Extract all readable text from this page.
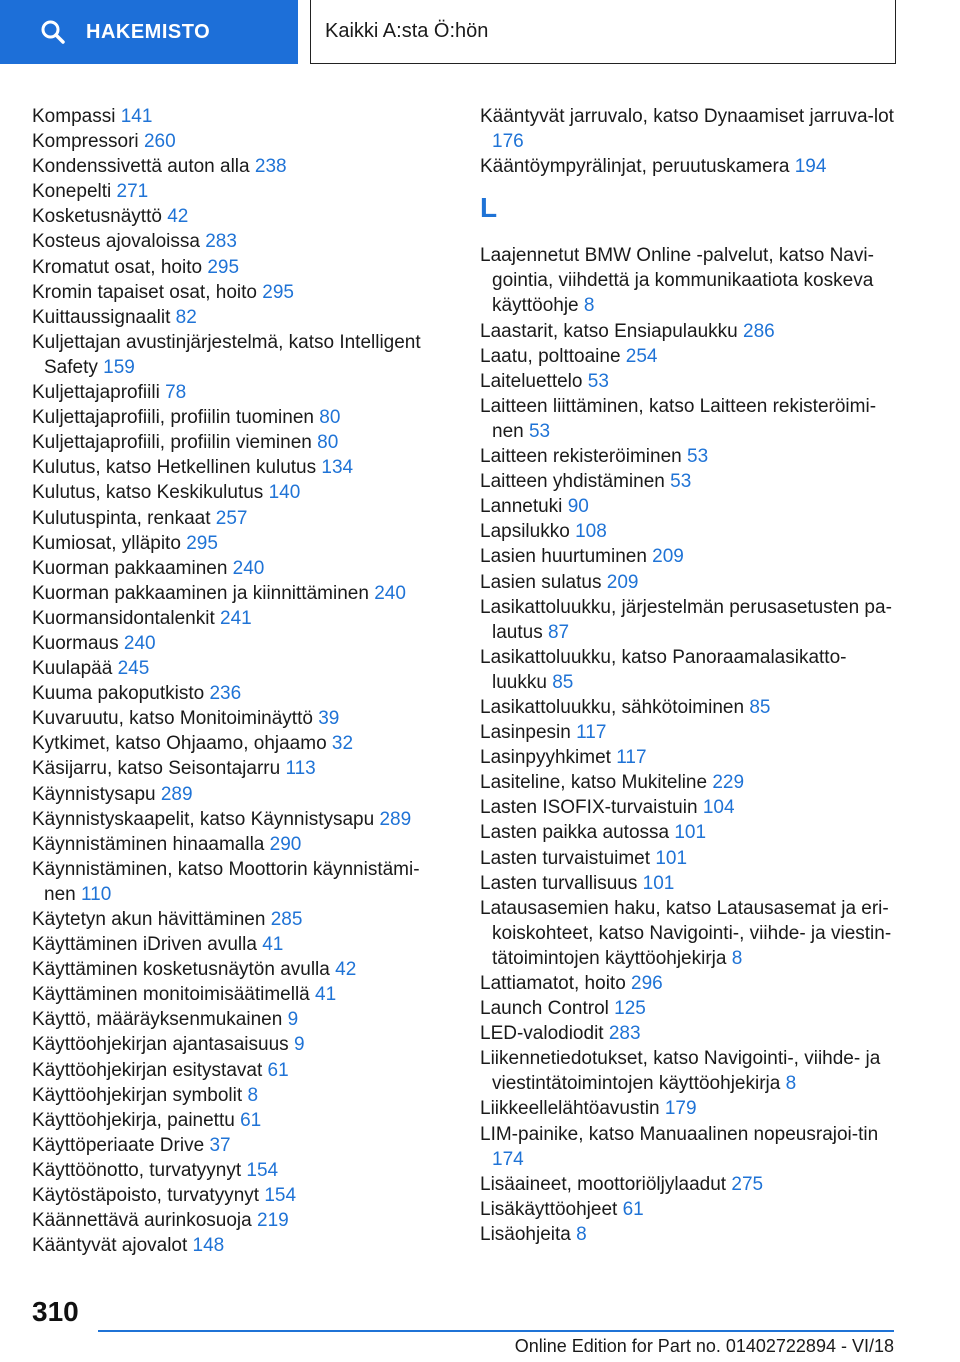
HAKEMISTO	Kaikki A:sta Ö:hön
Kompassi 141
Kompressori 260
Kondenssivettä auton alla 238
Konepelti 271
Kosketusnäyttö 42
Kosteus ajovaloissa 283
Kromatut osat, hoito 295
Kromin tapaiset osat, hoito 295
Kuittaussignaalit 82
Kuljettajan avustinjärjestelmä, katso Intelligent Safety 159
Kuljettajaprofiili 78
Kuljettajaprofiili, profiilin tuominen 80
Kuljettajaprofiili, profiilin vieminen 80
Kulutus, katso Hetkellinen kulutus 134
Kulutus, katso Keskikulutus 140
Kulutuspinta, renkaat 257
Kumiosat, ylläpito 295
Kuorman pakkaaminen 240
Kuorman pakkaaminen ja kiinnittäminen 240
Kuormansidontalenkit 241
Kuormaus 240
Kuulapää 245
Kuuma pakoputkisto 236
Kuvaruutu, katso Monitoiminäyttö 39
Kytkimet, katso Ohjaamo, ohjaamo 32
Käsijarru, katso Seisontajarru 113
Käynnistysapu 289
Käynnistyskaapelit, katso Käynnistysapu 289
Käynnistäminen hinaamalla 290
Käynnistäminen, katso Moottorin käynnistämi-nen 110
Käytetyn akun hävittäminen 285
Käyttäminen iDriven avulla 41
Käyttäminen kosketusnäytön avulla 42
Käyttäminen monitoimisäätimellä 41
Käyttö, määräyksenmukainen 9
Käyttöohjekirjan ajantasaisuus 9
Käyttöohjekirjan esitystavat 61
Käyttöohjekirjan symbolit 8
Käyttöohjekirja, painettu 61
Käyttöperiaate Drive 37
Käyttöönotto, turvatyynyt 154
Käytöstäpoisto, turvatyynyt 154
Käännettävä aurinkosuoja 219
Kääntyvät ajovalot 148
Kääntyvät jarruvalo, katso Dynaamiset jarruva-lot 176
Kääntöympyrälinjat, peruutuskamera 194
L
Laajennetut BMW Online -palvelut, katso Navi-gointia, viihdettä ja kommunikaatiota koskeva käyttöohje 8
Laastarit, katso Ensiapulaukku 286
Laatu, polttoaine 254
Laiteluettelo 53
Laitteen liittäminen, katso Laitteen rekisteröimi-nen 53
Laitteen rekisteröiminen 53
Laitteen yhdistäminen 53
Lannetuki 90
Lapsilukko 108
Lasien huurtuminen 209
Lasien sulatus 209
Lasikattoluukku, järjestelmän perusasetusten pa-lautus 87
Lasikattoluukku, katso Panoraamalasikatto-luukku 85
Lasikattoluukku, sähkötoiminen 85
Lasinpesin 117
Lasinpyyhkimet 117
Lasiteline, katso Mukiteline 229
Lasten ISOFIX-turvaistuin 104
Lasten paikka autossa 101
Lasten turvaistuimet 101
Lasten turvallisuus 101
Latausasemien haku, katso Latausasemat ja eri-koiskohteet, katso Navigointi-, viihde- ja viestin-tätoimintojen käyttöohjekirja 8
Lattiamatot, hoito 296
Launch Control 125
LED-valodiodit 283
Liikennetiedotukset, katso Navigointi-, viihde- ja viestintätoimintojen käyttöohjekirja 8
Liikkeellelähtöavustin 179
LIM-painike, katso Manuaalinen nopeusrajoi-tin 174
Lisäaineet, moottoriöljylaadut 275
Lisäkäyttöohjeet 61
Lisäohjeita 8
310
Online Edition for Part no. 01402722894 - VI/18
